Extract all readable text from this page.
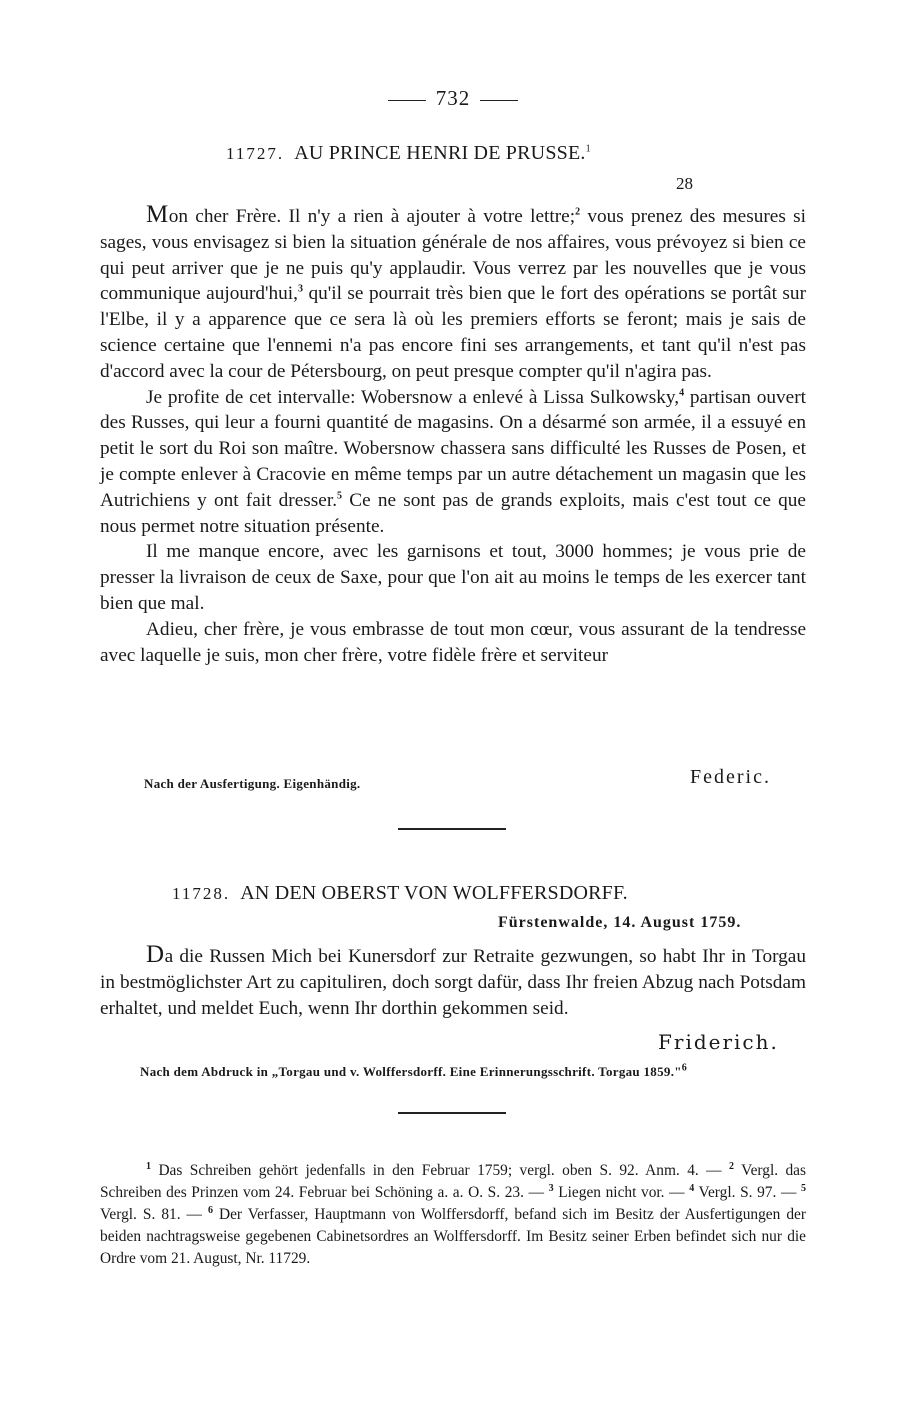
732
11727. AU PRINCE HENRI DE PRUSSE.$^1$
28

Mon cher Frère. Il n'y a rien à ajouter à votre lettre;$^2$ vous prenez des mesures si sages, vous envisagez si bien la situation générale de nos affaires, vous prévoyez si bien ce qui peut arriver que je ne puis qu'y applaudir. Vous verrez par les nouvelles que je vous communique aujourd'hui,$^3$ qu'il se pourrait très bien que le fort des opérations se portât sur l'Elbe, il y a apparence que ce sera là où les premiers efforts se feront; mais je sais de science certaine que l'ennemi n'a pas encore fini ses arrangements, et tant qu'il n'est pas d'accord avec la cour de Pétersbourg, on peut presque compter qu'il n'agira pas.

Je profite de cet intervalle: Wobersnow a enlevé à Lissa Sulkowsky,$^4$ partisan ouvert des Russes, qui leur a fourni quantité de magasins. On a désarmé son armée, il a essuyé en petit le sort du Roi son maître. Wobersnow chassera sans difficulté les Russes de Posen, et je compte enlever à Cracovie en même temps par un autre détachement un magasin que les Autrichiens y ont fait dresser.$^5$ Ce ne sont pas de grands exploits, mais c'est tout ce que nous permet notre situation présente.

Il me manque encore, avec les garnisons et tout, 3000 hommes; je vous prie de presser la livraison de ceux de Saxe, pour que l'on ait au moins le temps de les exercer tant bien que mal.

Adieu, cher frère, je vous embrasse de tout mon cœur, vous assurant de la tendresse avec laquelle je suis, mon cher frère, votre fidèle frère et serviteur

Nach der Ausfertigung. Eigenhändig.	Federic.
11728. AN DEN OBERST VON WOLFFERSDORFF.
Fürstenwalde, 14. August 1759.

Da die Russen Mich bei Kunersdorf zur Retraite gezwungen, so habt Ihr in Torgau in bestmöglichster Art zu capituliren, doch sorgt dafür, dass Ihr freien Abzug nach Potsdam erhaltet, und meldet Euch, wenn Ihr dorthin gekommen seid.

Friderich.
Nach dem Abdruck in „Torgau und v. Wolffersdorff. Eine Erinnerungsschrift. Torgau 1859."$^6$

$^1$ Das Schreiben gehört jedenfalls in den Februar 1759; vergl. oben S. 92. Anm. 4. — $^2$ Vergl. das Schreiben des Prinzen vom 24. Februar bei Schöning a. a. O. S. 23. — $^3$ Liegen nicht vor. — $^4$ Vergl. S. 97. — $^5$ Vergl. S. 81. — $^6$ Der Verfasser, Hauptmann von Wolffersdorff, befand sich im Besitz der Ausfertigungen der beiden nachtragsweise gegebenen Cabinetsordres an Wolffersdorff. Im Besitz seiner Erben befindet sich nur die Ordre vom 21. August, Nr. 11729.
